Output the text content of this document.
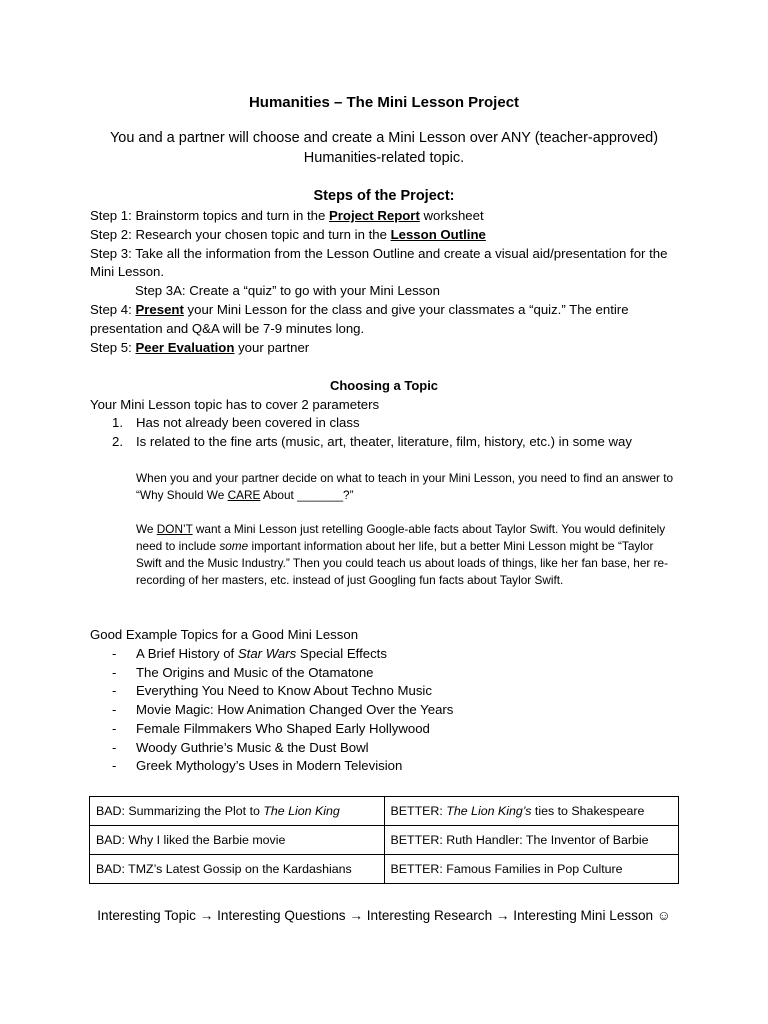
Humanities – The Mini Lesson Project
You and a partner will choose and create a Mini Lesson over ANY (teacher-approved) Humanities-related topic.
Steps of the Project:
Step 1: Brainstorm topics and turn in the Project Report worksheet
Step 2: Research your chosen topic and turn in the Lesson Outline
Step 3: Take all the information from the Lesson Outline and create a visual aid/presentation for the Mini Lesson.
Step 3A: Create a “quiz” to go with your Mini Lesson
Step 4: Present your Mini Lesson for the class and give your classmates a “quiz.” The entire presentation and Q&A will be 7-9 minutes long.
Step 5: Peer Evaluation your partner
Choosing a Topic
Your Mini Lesson topic has to cover 2 parameters
1. Has not already been covered in class
2. Is related to the fine arts (music, art, theater, literature, film, history, etc.) in some way
When you and your partner decide on what to teach in your Mini Lesson, you need to find an answer to “Why Should We CARE About _______?”
We DON’T want a Mini Lesson just retelling Google-able facts about Taylor Swift. You would definitely need to include some important information about her life, but a better Mini Lesson might be “Taylor Swift and the Music Industry.” Then you could teach us about loads of things, like her fan base, her re-recording of her masters, etc. instead of just Googling fun facts about Taylor Swift.
Good Example Topics for a Good Mini Lesson
- A Brief History of Star Wars Special Effects
- The Origins and Music of the Otamatone
- Everything You Need to Know About Techno Music
- Movie Magic: How Animation Changed Over the Years
- Female Filmmakers Who Shaped Early Hollywood
- Woody Guthrie’s Music & the Dust Bowl
- Greek Mythology’s Uses in Modern Television
BAD: Summarizing the Plot to The Lion King	BETTER: The Lion King’s ties to Shakespeare
BAD: Why I liked the Barbie movie	BETTER: Ruth Handler: The Inventor of Barbie
BAD: TMZ’s Latest Gossip on the Kardashians	BETTER: Famous Families in Pop Culture
Interesting Topic → Interesting Questions → Interesting Research → Interesting Mini Lesson ☺
